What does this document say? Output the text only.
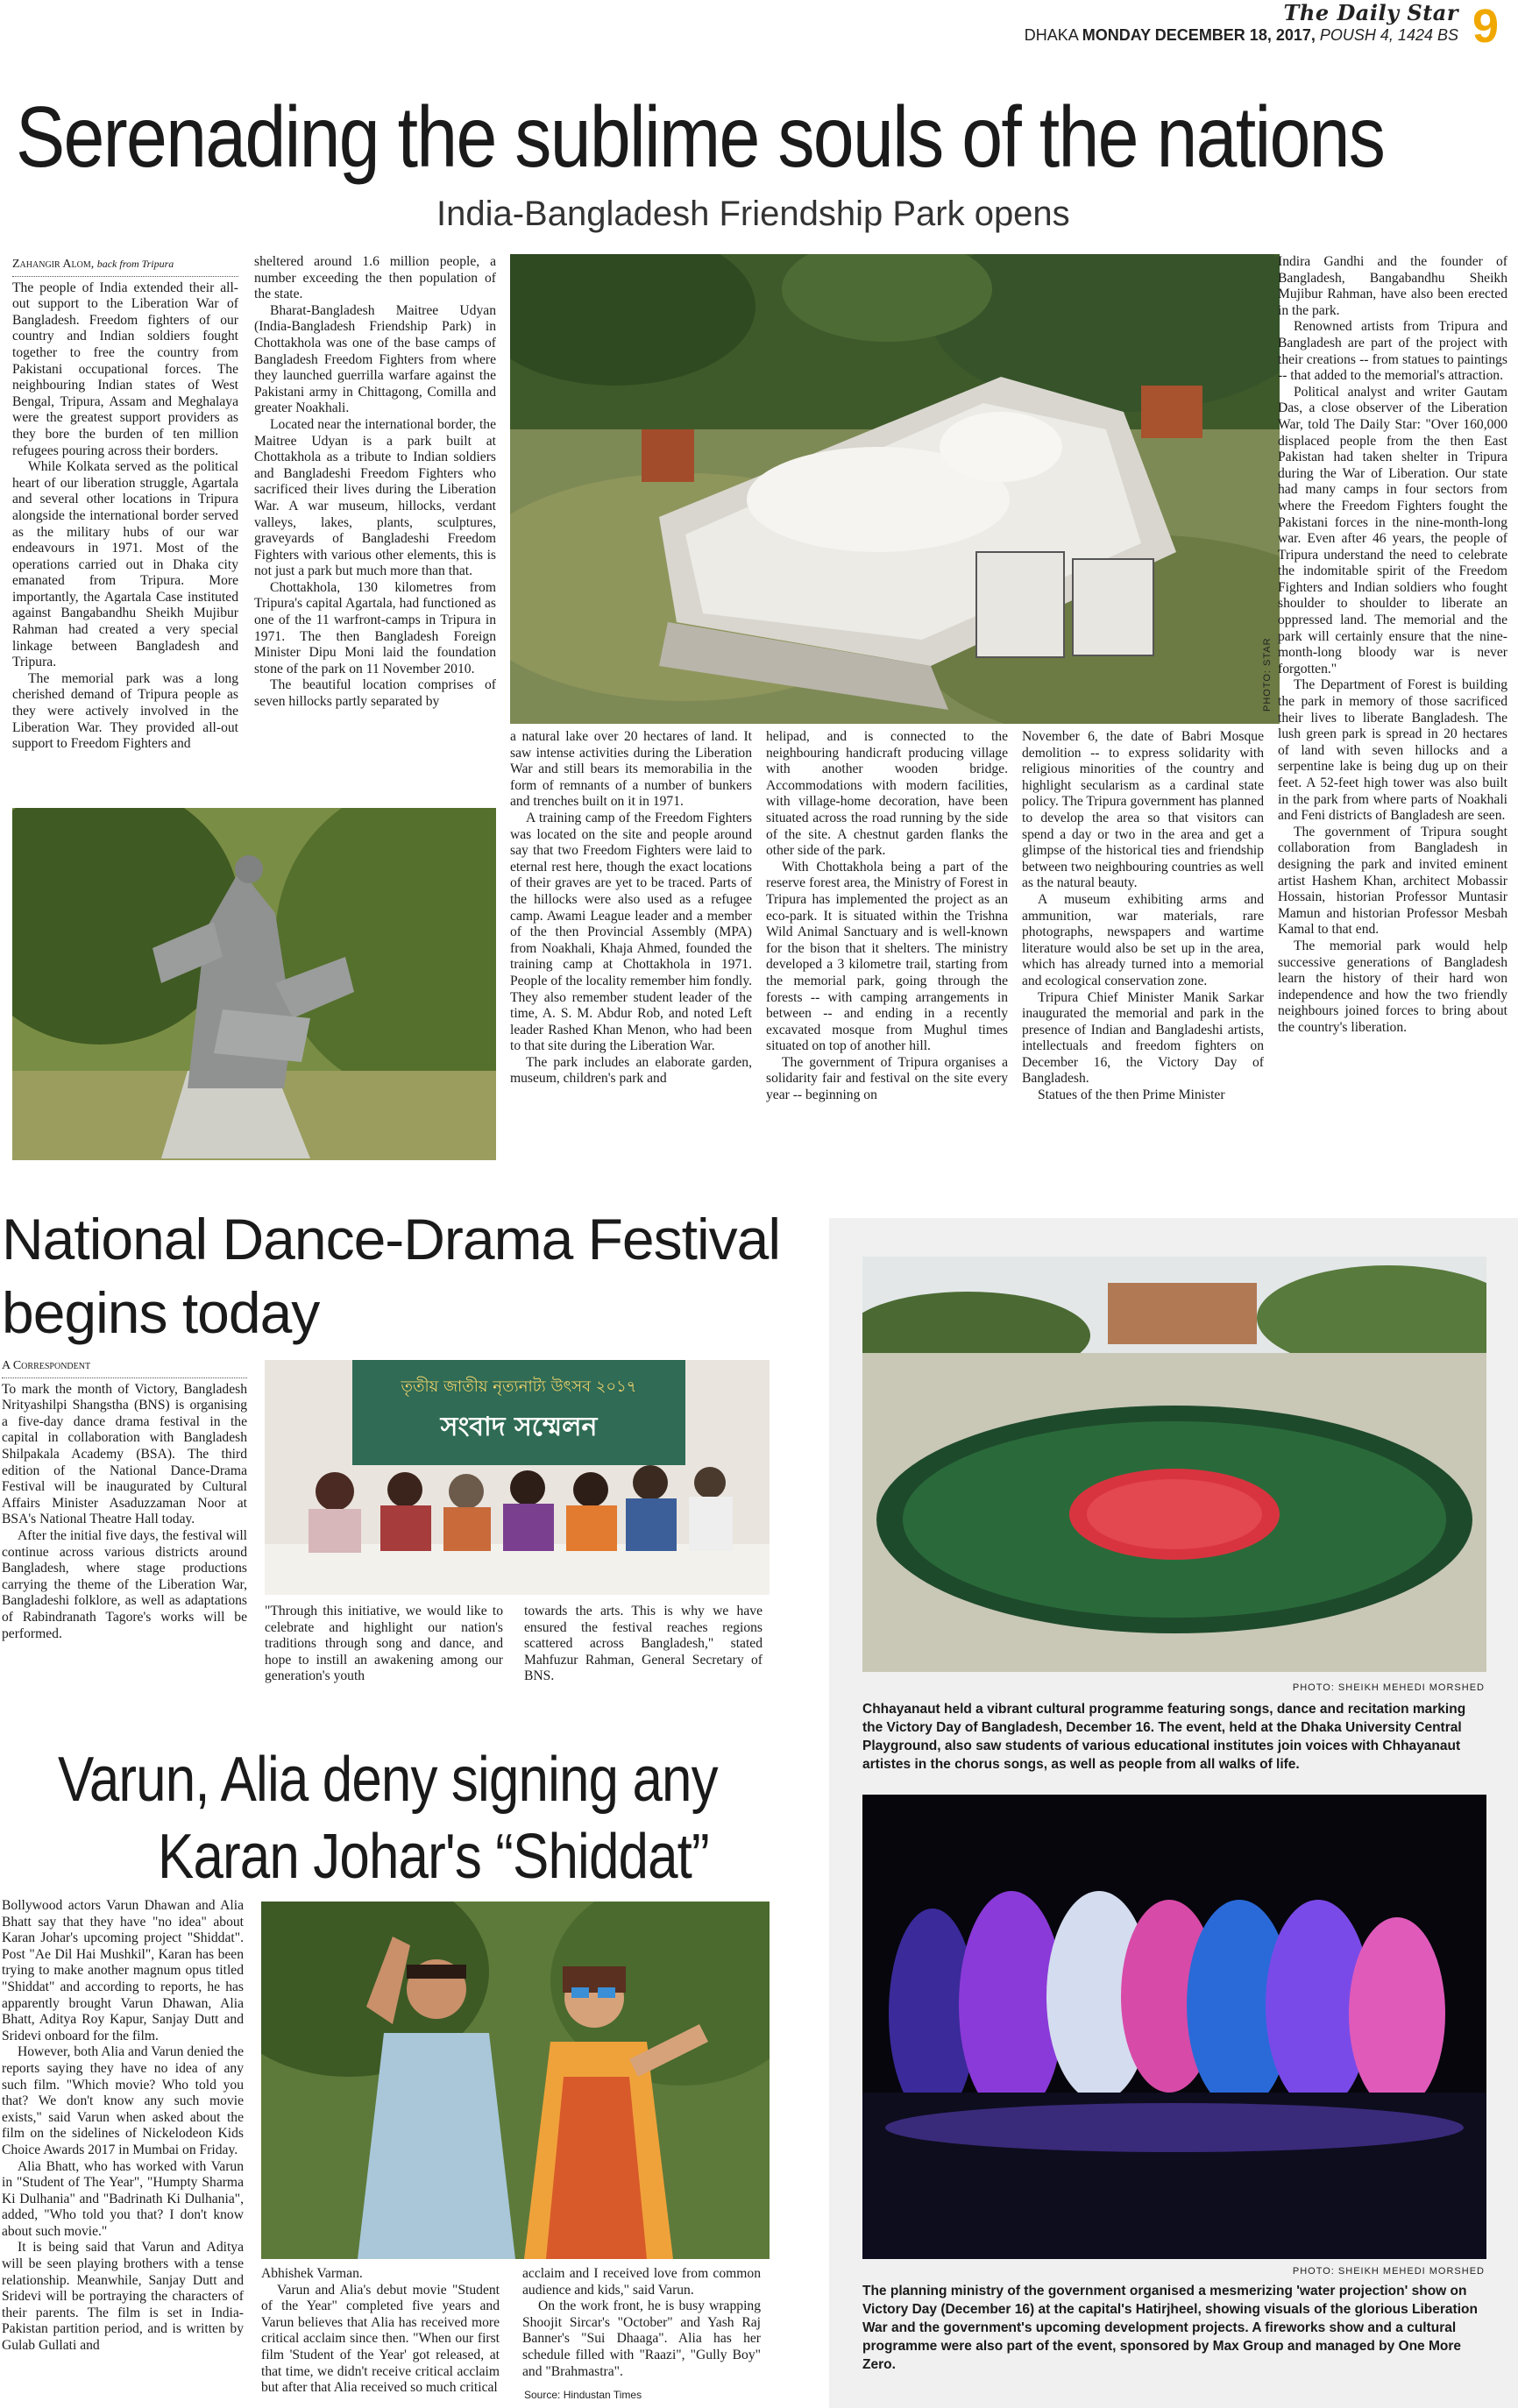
The Daily Star
DHAKA MONDAY DECEMBER 18, 2017, POUSH 4, 1424 BS 9
Serenading the sublime souls of the nations
India-Bangladesh Friendship Park opens
Zahangir Alom, back from Tripura

The people of India extended their all-out support to the Liberation War of Bangladesh. Freedom fighters of our country and Indian soldiers fought together to free the country from Pakistani occupational forces. The neighbouring Indian states of West Bengal, Tripura, Assam and Meghalaya were the greatest support providers as they bore the burden of ten million refugees pouring across their borders.

While Kolkata served as the political heart of our liberation struggle, Agartala and several other locations in Tripura alongside the international border served as the military hubs of our war endeavours in 1971. Most of the operations carried out in Dhaka city emanated from Tripura. More importantly, the Agartala Case instituted against Bangabandhu Sheikh Mujibur Rahman had created a very special linkage between Bangladesh and Tripura.

The memorial park was a long cherished demand of Tripura people as they were actively involved in the Liberation War. They provided all-out support to Freedom Fighters and

sheltered around 1.6 million people, a number exceeding the then population of the state.

Bharat-Bangladesh Maitree Udyan (India-Bangladesh Friendship Park) in Chottakhola was one of the base camps of Bangladesh Freedom Fighters from where they launched guerrilla warfare against the Pakistani army in Chittagong, Comilla and greater Noakhali.

Located near the international border, the Maitree Udyan is a park built at Chottakhola as a tribute to Indian soldiers and Bangladeshi Freedom Fighters who sacrificed their lives during the Liberation War. A war museum, hillocks, verdant valleys, lakes, plants, sculptures, graveyards of Bangladeshi Freedom Fighters with various other elements, this is not just a park but much more than that.

Chottakhola, 130 kilometres from Tripura's capital Agartala, had functioned as one of the 11 warfront-camps in Tripura in 1971. The then Bangladesh Foreign Minister Dipu Moni laid the foundation stone of the park on 11 November 2010.

The beautiful location comprises of seven hillocks partly separated by	PHOTO: STAR

a natural lake over 20 hectares of land. It saw intense activities during the Liberation War and still bears its memorabilia in the form of remnants of a number of bunkers and trenches built on it in 1971.

A training camp of the Freedom Fighters was located on the site and people around say that two Freedom Fighters were laid to eternal rest here, though the exact locations of their graves are yet to be traced. Parts of the hillocks were also used as a refugee camp. Awami League leader and a member of the then Provincial Assembly (MPA) from Noakhali, Khaja Ahmed, founded the training camp at Chottakhola in 1971. People of the locality remember him fondly. They also remember student leader of the time, A. S. M. Abdur Rob, and noted Left leader Rashed Khan Menon, who had been to that site during the Liberation War.

The park includes an elaborate garden, museum, children's park and

helipad, and is connected to the neighbouring handicraft producing village with another wooden bridge. Accommodations with modern facilities, with village-home decoration, have been situated across the road running by the side of the site. A chestnut garden flanks the other side of the park.

With Chottakhola being a part of the reserve forest area, the Ministry of Forest in Tripura has implemented the project as an eco-park. It is situated within the Trishna Wild Animal Sanctuary and is well-known for the bison that it shelters. The ministry developed a 3 kilometre trail, starting from the memorial park, going through the forests -- with camping arrangements in between -- and ending in a recently excavated mosque from Mughul times situated on top of another hill.

The government of Tripura organises a solidarity fair and festival on the site every year -- beginning on

November 6, the date of Babri Mosque demolition -- to express solidarity with religious minorities of the country and highlight secularism as a cardinal state policy. The Tripura government has planned to develop the area so that visitors can spend a day or two in the area and get a glimpse of the historical ties and friendship between two neighbouring countries as well as the natural beauty.

A museum exhibiting arms and ammunition, war materials, rare photographs, newspapers and wartime literature would also be set up in the area, which has already turned into a memorial and ecological conservation zone.

Tripura Chief Minister Manik Sarkar inaugurated the memorial and park in the presence of Indian and Bangladeshi artists, intellectuals and freedom fighters on December 16, the Victory Day of Bangladesh.

Statues of the then Prime Minister

Indira Gandhi and the founder of Bangladesh, Bangabandhu Sheikh Mujibur Rahman, have also been erected in the park.

Renowned artists from Tripura and Bangladesh are part of the project with their creations -- from statues to paintings -- that added to the memorial's attraction.

Political analyst and writer Gautam Das, a close observer of the Liberation War, told The Daily Star: "Over 160,000 displaced people from the then East Pakistan had taken shelter in Tripura during the War of Liberation. Our state had many camps in four sectors from where the Freedom Fighters fought the Pakistani forces in the nine-month-long war. Even after 46 years, the people of Tripura understand the need to celebrate the indomitable spirit of the Freedom Fighters and Indian soldiers who fought shoulder to shoulder to liberate an oppressed land. The memorial and the park will certainly ensure that the nine-month-long bloody war is never forgotten."

The Department of Forest is building the park in memory of those sacrificed their lives to liberate Bangladesh. The lush green park is spread in 20 hectares of land with seven hillocks and a serpentine lake is being dug up on their feet. A 52-feet high tower was also built in the park from where parts of Noakhali and Feni districts of Bangladesh are seen.

The government of Tripura sought collaboration from Bangladesh in designing the park and invited eminent artist Hashem Khan, architect Mobassir Hossain, historian Professor Muntasir Mamun and historian Professor Mesbah Kamal to that end.

The memorial park would help successive generations of Bangladesh learn the history of their hard won independence and how the two friendly neighbours joined forces to bring about the country's liberation.

National Dance-Drama Festival
begins today
A Correspondent

To mark the month of Victory, Bangladesh Nrityashilpi Shangstha (BNS) is organising a five-day dance drama festival in the capital in collaboration with Bangladesh Shilpakala Academy (BSA). The third edition of the National Dance-Drama Festival will be inaugurated by Cultural Affairs Minister Asaduzzaman Noor at BSA's National Theatre Hall today.

After the initial five days, the festival will continue across various districts around Bangladesh, where stage productions carrying the theme of the Liberation War, Bangladeshi folklore, as well as adaptations of Rabindranath Tagore's works will be performed.

তৃতীয় জাতীয় নৃত্যনাট্য উৎসব ২০১৭
সংবাদ সম্মেলন

"Through this initiative, we would like to celebrate and highlight our nation's traditions through song and dance, and hope to instill an awakening among our generation's youth

towards the arts. This is why we have ensured the festival reaches regions scattered across Bangladesh," stated Mahfuzur Rahman, General Secretary of BNS.

Varun, Alia deny signing any
Karan Johar's “Shiddat”

Bollywood actors Varun Dhawan and Alia Bhatt say that they have "no idea" about Karan Johar's upcoming project "Shiddat". Post "Ae Dil Hai Mushkil", Karan has been trying to make another magnum opus titled "Shiddat" and according to reports, he has apparently brought Varun Dhawan, Alia Bhatt, Aditya Roy Kapur, Sanjay Dutt and Sridevi onboard for the film.

However, both Alia and Varun denied the reports saying they have no idea of any such film. "Which movie? Who told you that? We don't know any such movie exists," said Varun when asked about the film on the sidelines of Nickelodeon Kids Choice Awards 2017 in Mumbai on Friday.

Alia Bhatt, who has worked with Varun in "Student of The Year", "Humpty Sharma Ki Dulhania" and "Badrinath Ki Dulhania", added, "Who told you that? I don't know about such movie."

It is being said that Varun and Aditya will be seen playing brothers with a tense relationship. Meanwhile, Sanjay Dutt and Sridevi will be portraying the characters of their parents. The film is set in India-Pakistan partition period, and is written by Gulab Gullati and

Abhishek Varman.

Varun and Alia's debut movie "Student of the Year" completed five years and Varun believes that Alia has received more critical acclaim since then. "When our first film 'Student of the Year' got released, at that time, we didn't receive critical acclaim but after that Alia received so much critical

acclaim and I received love from common audience and kids," said Varun.

On the work front, he is busy wrapping Shoojit Sircar's "October" and Yash Raj Banner's "Sui Dhaaga". Alia has her schedule filled with "Raazi", "Gully Boy" and "Brahmastra".

Source: Hindustan Times
PHOTO: SHEIKH MEHEDI MORSHED
Chhayanaut held a vibrant cultural programme featuring songs, dance and recitation marking the Victory Day of Bangladesh, December 16. The event, held at the Dhaka University Central Playground, also saw students of various educational institutes join voices with Chhayanaut artistes in the chorus songs, as well as people from all walks of life.
PHOTO: SHEIKH MEHEDI MORSHED
The planning ministry of the government organised a mesmerizing 'water projection' show on Victory Day (December 16) at the capital's Hatirjheel, showing visuals of the glorious Liberation War and the government's upcoming development projects. A fireworks show and a cultural programme were also part of the event, sponsored by Max Group and managed by One More Zero.
